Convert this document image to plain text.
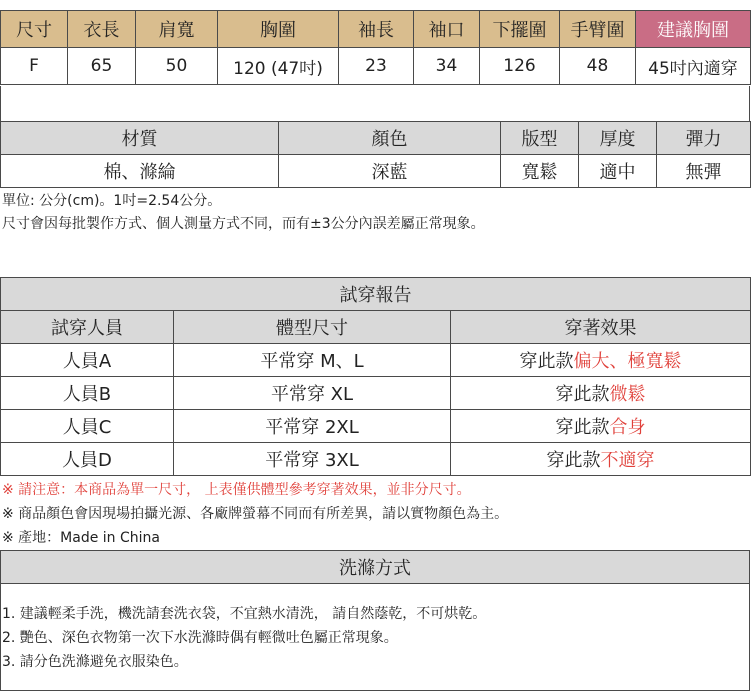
尺寸	衣長	肩寬	胸圍	袖長	袖口	下擺圍	手臂圍	建議胸圍
F	65	50	120 (47吋)	23	34	126	48	45吋內適穿
材質	顏色	版型	厚度	彈力
棉、滌綸	深藍	寬鬆	適中	無彈
單位: 公分(cm)。1吋=2.54公分。
尺寸會因每批製作方式、個人測量方式不同，而有±3公分內誤差屬正常現象。
試穿報告		
試穿人員	體型尺寸	穿著效果
人員A	平常穿 M、L	穿此款偏大、極寬鬆
人員B	平常穿 XL	穿此款微鬆
人員C	平常穿 2XL	穿此款合身
人員D	平常穿 3XL	穿此款不適穿
※ 請注意：本商品為單一尺寸， 上表僅供體型參考穿著效果，並非分尺寸。
※ 商品顏色會因現場拍攝光源、各廠牌螢幕不同而有所差異，請以實物顏色為主。
※ 產地：Made in China
洗滌方式
1. 建議輕柔手洗，機洗請套洗衣袋，不宜熱水清洗， 請自然蔭乾，不可烘乾。
2. 艷色、深色衣物第一次下水洗滌時偶有輕微吐色屬正常現象。
3. 請分色洗滌避免衣服染色。
